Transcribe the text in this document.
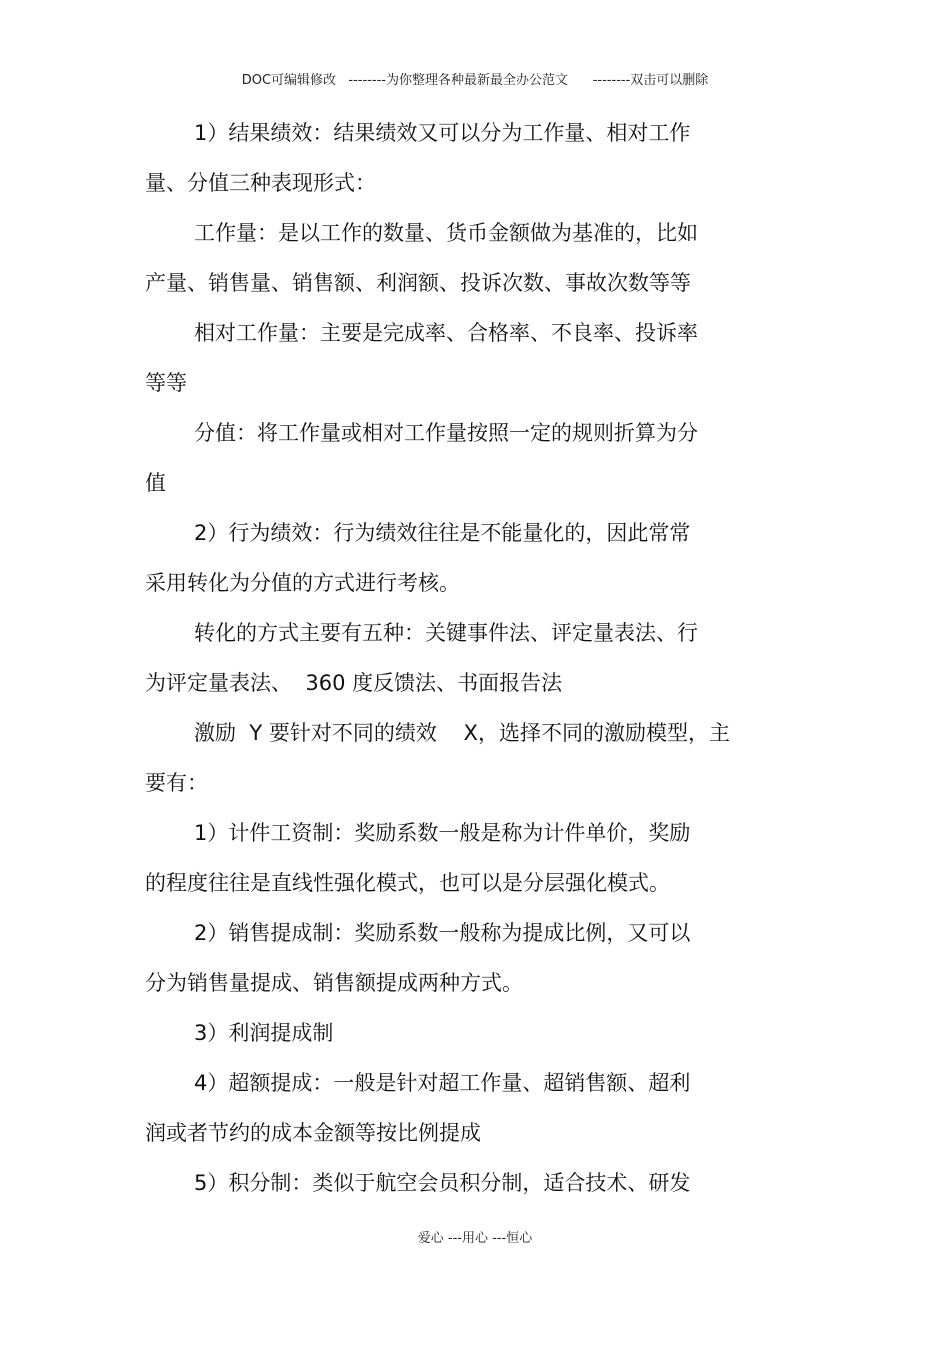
DOC可编辑修改   --------为你整理各种最新最全办公范文      --------双击可以删除
1）结果绩效：结果绩效又可以分为工作量、相对工作
量、分值三种表现形式：
工作量：是以工作的数量、货币金额做为基准的，比如
产量、销售量、销售额、利润额、投诉次数、事故次数等等
相对工作量：主要是完成率、合格率、不良率、投诉率
等等
分值：将工作量或相对工作量按照一定的规则折算为分
值
2）行为绩效：行为绩效往往是不能量化的，因此常常
采用转化为分值的方式进行考核。
转化的方式主要有五种：关键事件法、评定量表法、行
为评定量表法、  360 度反馈法、书面报告法
激励  Y 要针对不同的绩效    X，选择不同的激励模型，主
要有：
1）计件工资制：奖励系数一般是称为计件单价，奖励
的程度往往是直线性强化模式，也可以是分层强化模式。
2）销售提成制：奖励系数一般称为提成比例，又可以
分为销售量提成、销售额提成两种方式。
3）利润提成制
4）超额提成：一般是针对超工作量、超销售额、超利
润或者节约的成本金额等按比例提成
5）积分制：类似于航空会员积分制，适合技术、研发
爱心 ---用心 ---恒心
